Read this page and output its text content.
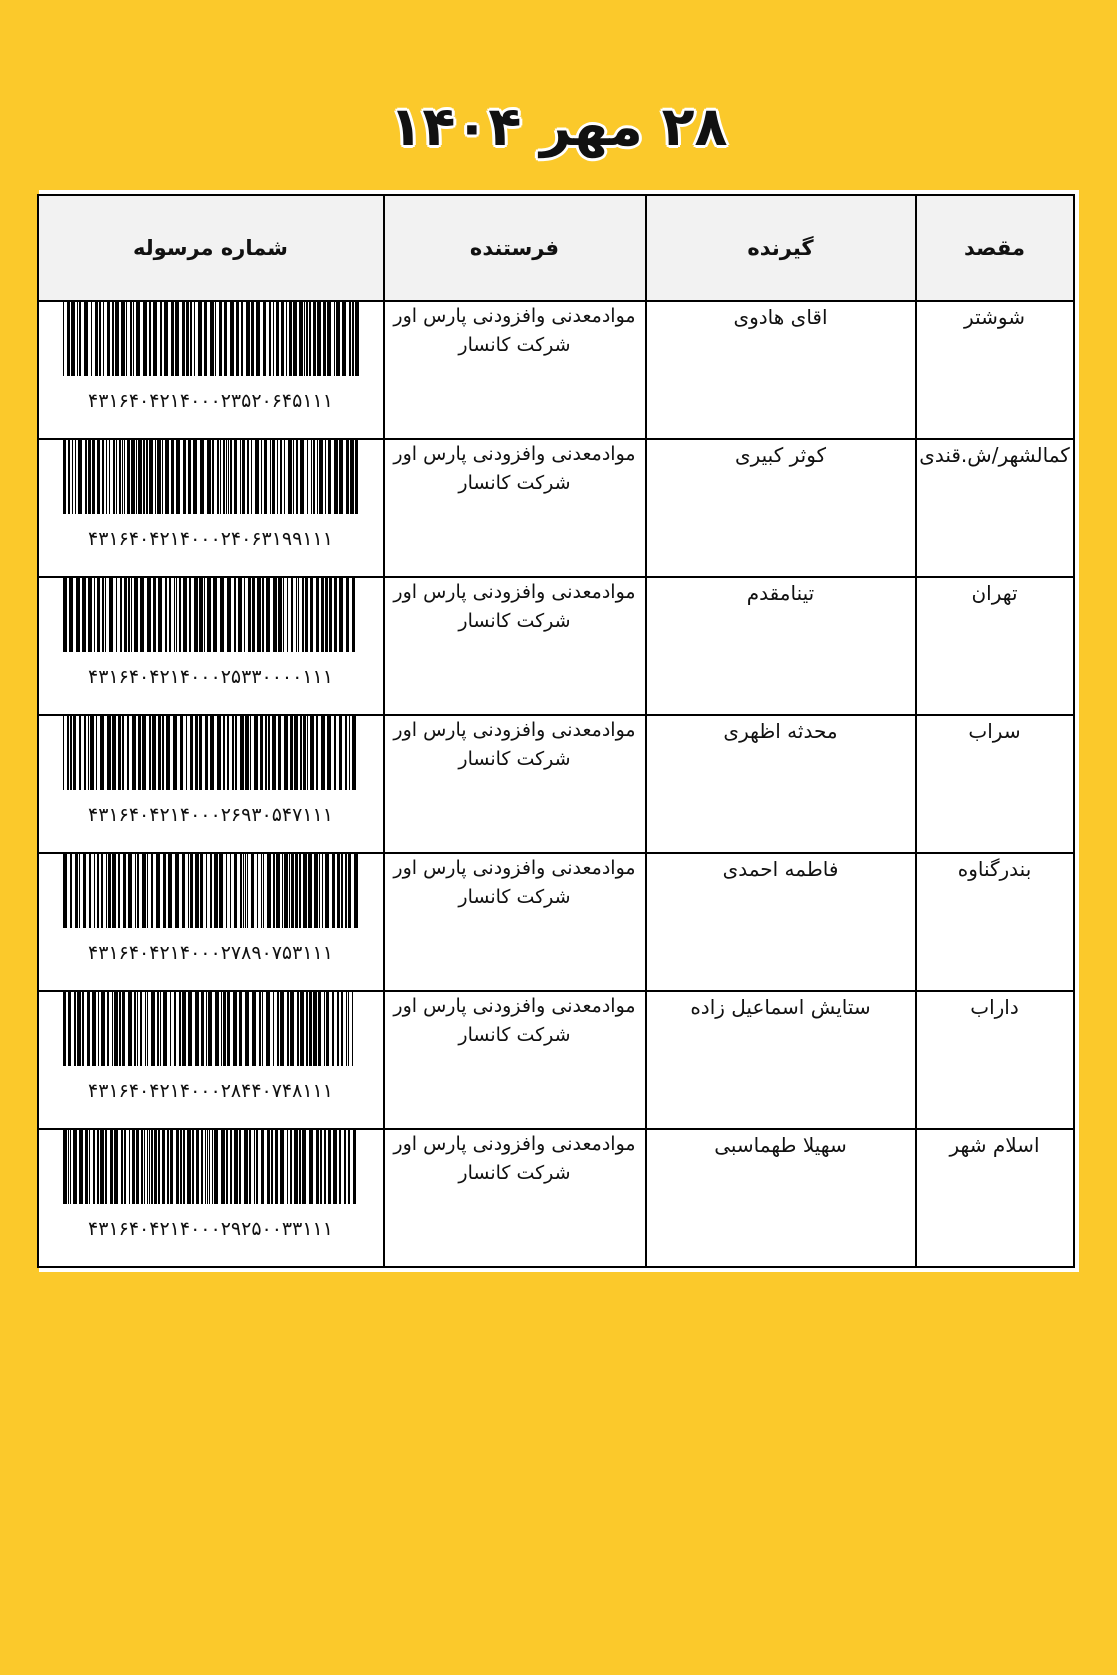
۲۸ مهر ۱۴۰۴
مقصد	گیرنده	فرستنده	شماره مرسوله
شوشتر	اقای هادوی	موادمعدنی وافزودنی پارس اور شرکت کانسار	۴۳۱۶۴۰۴۲۱۴۰۰۰۲۳۵۲۰۶۴۵۱۱۱

کمالشهر/ش.قندی	کوثر کبیری	موادمعدنی وافزودنی پارس اور شرکت کانسار	۴۳۱۶۴۰۴۲۱۴۰۰۰۲۴۰۶۳۱۹۹۱۱۱

تهران	تینامقدم	موادمعدنی وافزودنی پارس اور شرکت کانسار	۴۳۱۶۴۰۴۲۱۴۰۰۰۲۵۳۳۰۰۰۰۱۱۱

سراب	محدثه اظهری	موادمعدنی وافزودنی پارس اور شرکت کانسار	۴۳۱۶۴۰۴۲۱۴۰۰۰۲۶۹۳۰۵۴۷۱۱۱

بندرگناوه	فاطمه احمدی	موادمعدنی وافزودنی پارس اور شرکت کانسار	۴۳۱۶۴۰۴۲۱۴۰۰۰۲۷۸۹۰۷۵۳۱۱۱

داراب	ستایش اسماعیل زاده	موادمعدنی وافزودنی پارس اور شرکت کانسار	۴۳۱۶۴۰۴۲۱۴۰۰۰۲۸۴۴۰۷۴۸۱۱۱

اسلام شهر	سهیلا طهماسبی	موادمعدنی وافزودنی پارس اور شرکت کانسار	۴۳۱۶۴۰۴۲۱۴۰۰۰۲۹۲۵۰۰۳۳۱۱۱
